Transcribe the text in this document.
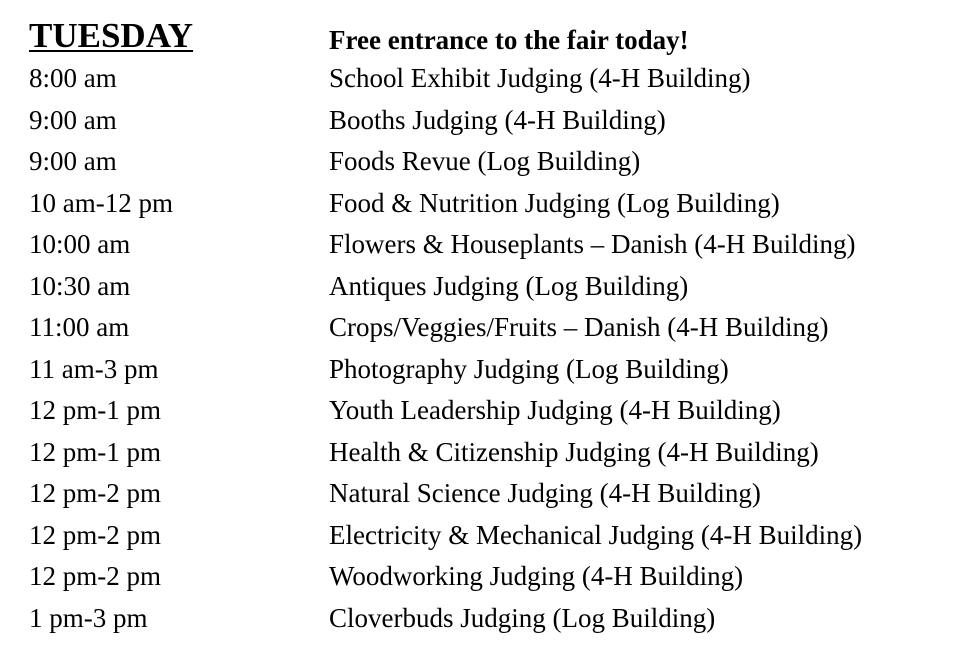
TUESDAY	Free entrance to the fair today!
8:00 am	School Exhibit Judging (4-H Building)
9:00 am	Booths Judging (4-H Building)
9:00 am	Foods Revue (Log Building)
10 am-12 pm	Food & Nutrition Judging (Log Building)
10:00 am	Flowers & Houseplants – Danish (4-H Building)
10:30 am	Antiques Judging (Log Building)
11:00 am	Crops/Veggies/Fruits – Danish (4-H Building)
11 am-3 pm	Photography Judging (Log Building)
12 pm-1 pm	Youth Leadership Judging (4-H Building)
12 pm-1 pm	Health & Citizenship Judging (4-H Building)
12 pm-2 pm	Natural Science Judging (4-H Building)
12 pm-2 pm	Electricity & Mechanical Judging (4-H Building)
12 pm-2 pm	Woodworking Judging (4-H Building)
1 pm-3 pm	Cloverbuds Judging (Log Building)
